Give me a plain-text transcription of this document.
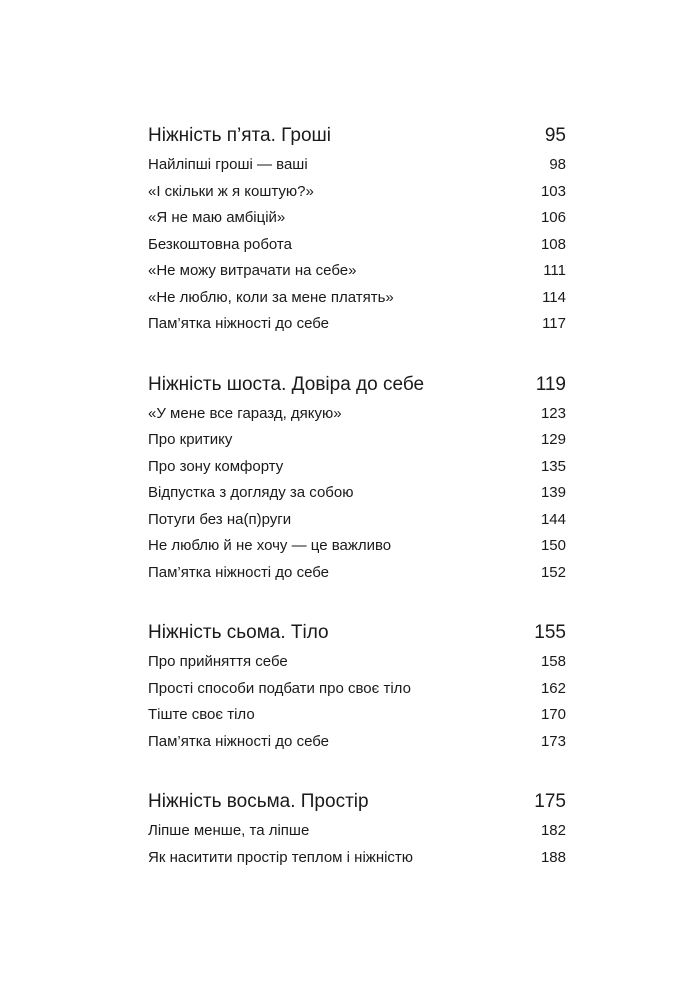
Ніжність п’ята. Гроші	95
Найліпші гроші — ваші	98
«І скільки ж я коштую?»	103
«Я не маю амбіцій»	106
Безкоштовна робота	108
«Не можу витрачати на себе»	111
«Не люблю, коли за мене платять»	114
Пам’ятка ніжності до себе	117
Ніжність шоста. Довіра до себе	119
«У мене все гаразд, дякую»	123
Про критику	129
Про зону комфорту	135
Відпустка з догляду за собою	139
Потуги без на(п)руги	144
Не люблю й не хочу — це важливо	150
Пам’ятка ніжності до себе	152
Ніжність сьома. Тіло	155
Про прийняття себе	158
Прості способи подбати про своє тіло	162
Тіште своє тіло	170
Пам’ятка ніжності до себе	173
Ніжність восьма. Простір	175
Ліпше менше, та ліпше	182
Як наситити простір теплом і ніжністю	188
